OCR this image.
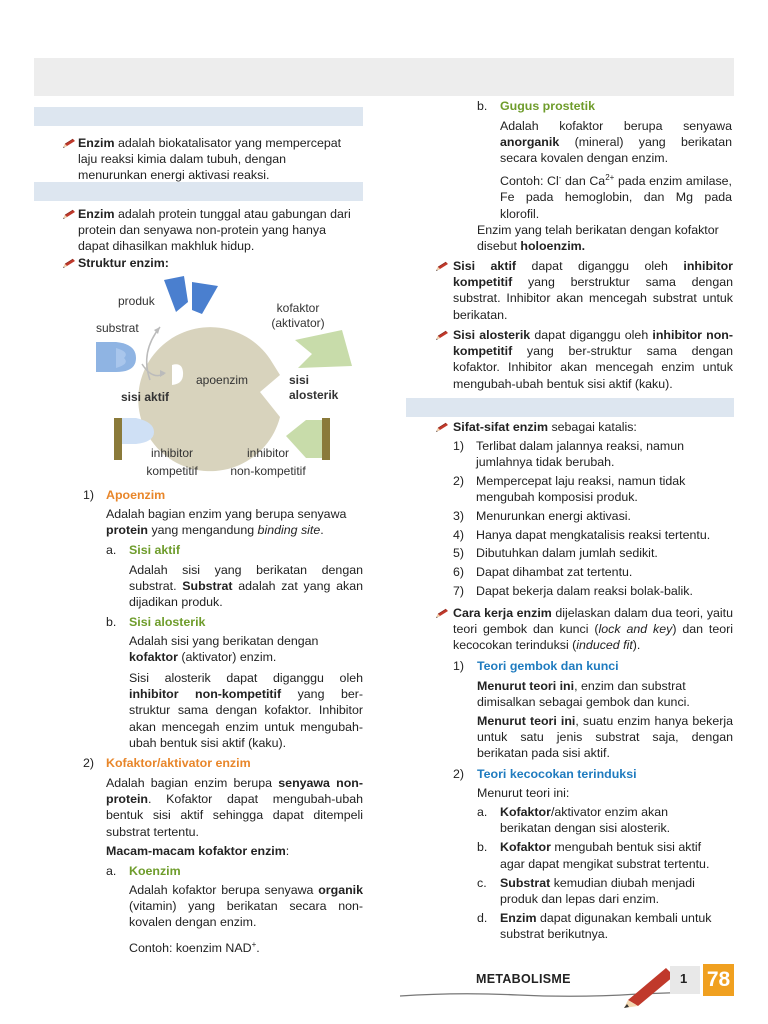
Enzim adalah biokatalisator yang mempercepat laju reaksi kimia dalam tubuh, dengan menurunkan energi aktivasi reaksi.

Enzim adalah protein tunggal atau gabungan dari protein dan senyawa non-protein yang hanya dapat dihasilkan makhluk hidup.

Struktur enzim:

produk
substrat
kofaktor
(aktivator)
apoenzim
sisi aktif
sisi
alosterik
inhibitor
kompetitif
inhibitor
non-kompetitif
1) Apoenzim

Adalah bagian enzim yang berupa senyawa protein yang mengandung binding site.

a. Sisi aktif

Adalah sisi yang berikatan dengan substrat. Substrat adalah zat yang akan dijadikan produk.

b. Sisi alosterik

Adalah sisi yang berikatan dengan kofaktor (aktivator) enzim.

Sisi alosterik dapat diganggu oleh inhibitor non-kompetitif yang ber-struktur sama dengan kofaktor. Inhibitor akan mencegah enzim untuk mengubah-ubah bentuk sisi aktif (kaku).

2) Kofaktor/aktivator enzim

Adalah bagian enzim berupa senyawa non-protein. Kofaktor dapat mengubah-ubah bentuk sisi aktif sehingga dapat ditempeli substrat tertentu.

Macam-macam kofaktor enzim:

a. Koenzim

Adalah kofaktor berupa senyawa organik (vitamin) yang berikatan secara non-kovalen dengan enzim.

Contoh: koenzim NAD+.

b. Gugus prostetik

Adalah kofaktor berupa senyawa anorganik (mineral) yang berikatan secara kovalen dengan enzim.

Contoh: Cl- dan $Ca^{2+}$ pada enzim amilase, Fe pada hemoglobin, dan Mg pada klorofil.

Enzim yang telah berikatan dengan kofaktor disebut holoenzim.

Sisi aktif dapat diganggu oleh inhibitor kompetitif yang berstruktur sama dengan substrat. Inhibitor akan mencegah substrat untuk berikatan.

Sisi alosterik dapat diganggu oleh inhibitor non-kompetitif yang ber-struktur sama dengan kofaktor. Inhibitor akan mencegah enzim untuk mengubah-ubah bentuk sisi aktif (kaku).

Sifat-sifat enzim sebagai katalis:

1) Terlibat dalam jalannya reaksi, namun jumlahnya tidak berubah.
2) Mempercepat laju reaksi, namun tidak mengubah komposisi produk.
3) Menurunkan energi aktivasi.
4) Hanya dapat mengkatalisis reaksi tertentu.
5) Dibutuhkan dalam jumlah sedikit.
6) Dapat dihambat zat tertentu.
7) Dapat bekerja dalam reaksi bolak-balik.

Cara kerja enzim dijelaskan dalam dua teori, yaitu teori gembok dan kunci (lock and key) dan teori kecocokan terinduksi (induced fit).

1) Teori gembok dan kunci

Menurut teori ini, enzim dan substrat dimisalkan sebagai gembok dan kunci.

Menurut teori ini, suatu enzim hanya bekerja untuk satu jenis substrat saja, dengan berikatan pada sisi aktif.

2) Teori kecocokan terinduksi

Menurut teori ini:

a.	Kofaktor/aktivator enzim akan berikatan dengan sisi alosterik.
b.	Kofaktor mengubah bentuk sisi aktif agar dapat mengikat substrat tertentu.
c.	Substrat kemudian diubah menjadi produk dan lepas dari enzim.
d.	Enzim dapat digunakan kembali untuk substrat berikutnya.

METABOLISME	1 78
